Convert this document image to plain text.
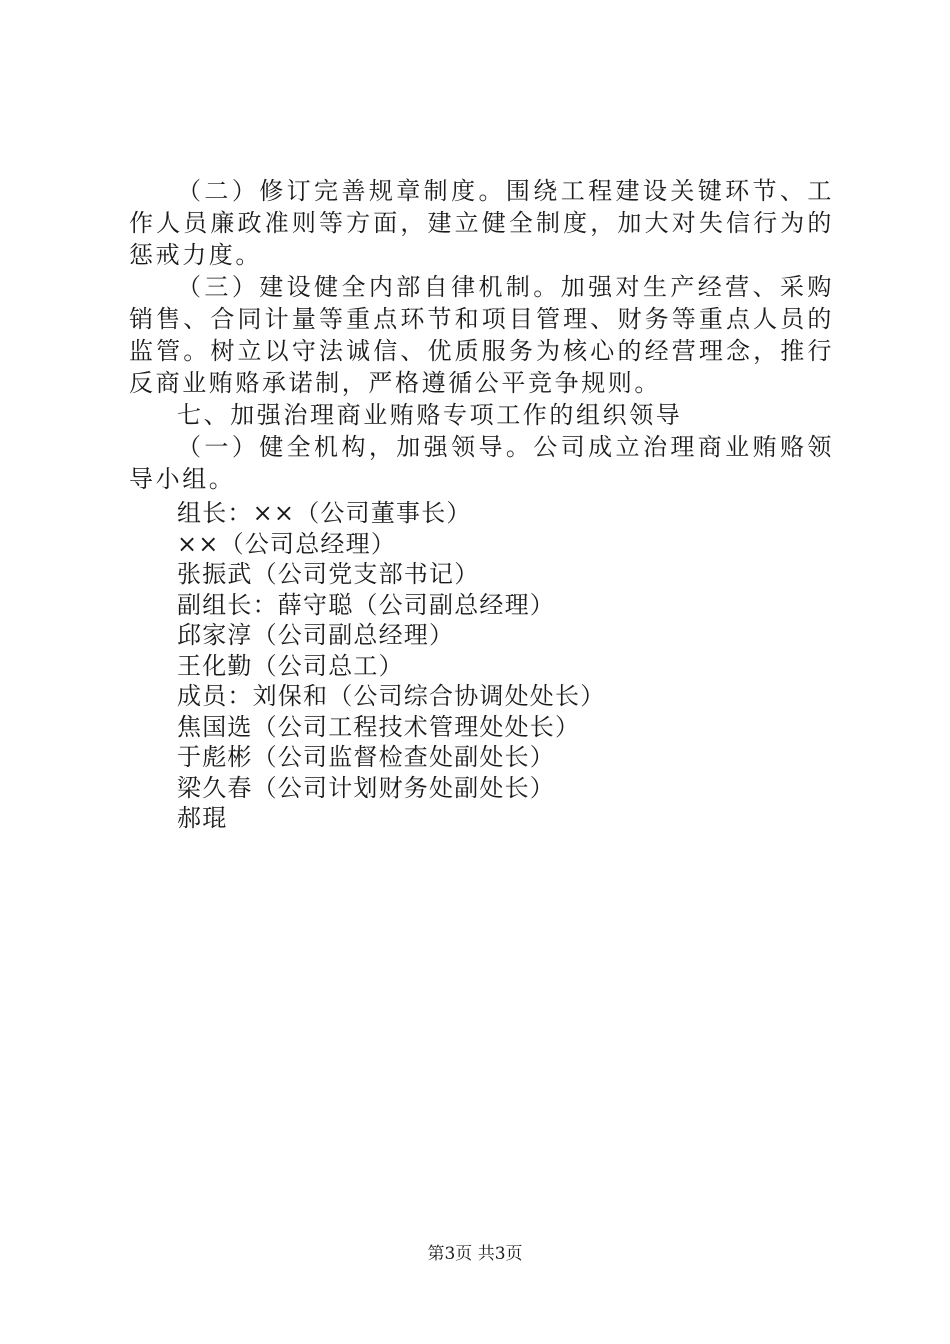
（二）修订完善规章制度。围绕工程建设关键环节、工作人员廉政准则等方面，建立健全制度，加大对失信行为的惩戒力度。

（三）建设健全内部自律机制。加强对生产经营、采购销售、合同计量等重点环节和项目管理、财务等重点人员的监管。树立以守法诚信、优质服务为核心的经营理念，推行反商业贿赂承诺制，严格遵循公平竞争规则。

七、加强治理商业贿赂专项工作的组织领导

（一）健全机构，加强领导。公司成立治理商业贿赂领导小组。

组长：××（公司董事长）

××（公司总经理）

张振武（公司党支部书记）

副组长：薛守聪（公司副总经理）

邱家淳（公司副总经理）

王化勤（公司总工）

成员：刘保和（公司综合协调处处长）

焦国选（公司工程技术管理处处长）

于彪彬（公司监督检查处副处长）

梁久春（公司计划财务处副处长）

郝琨

第3页 共3页
